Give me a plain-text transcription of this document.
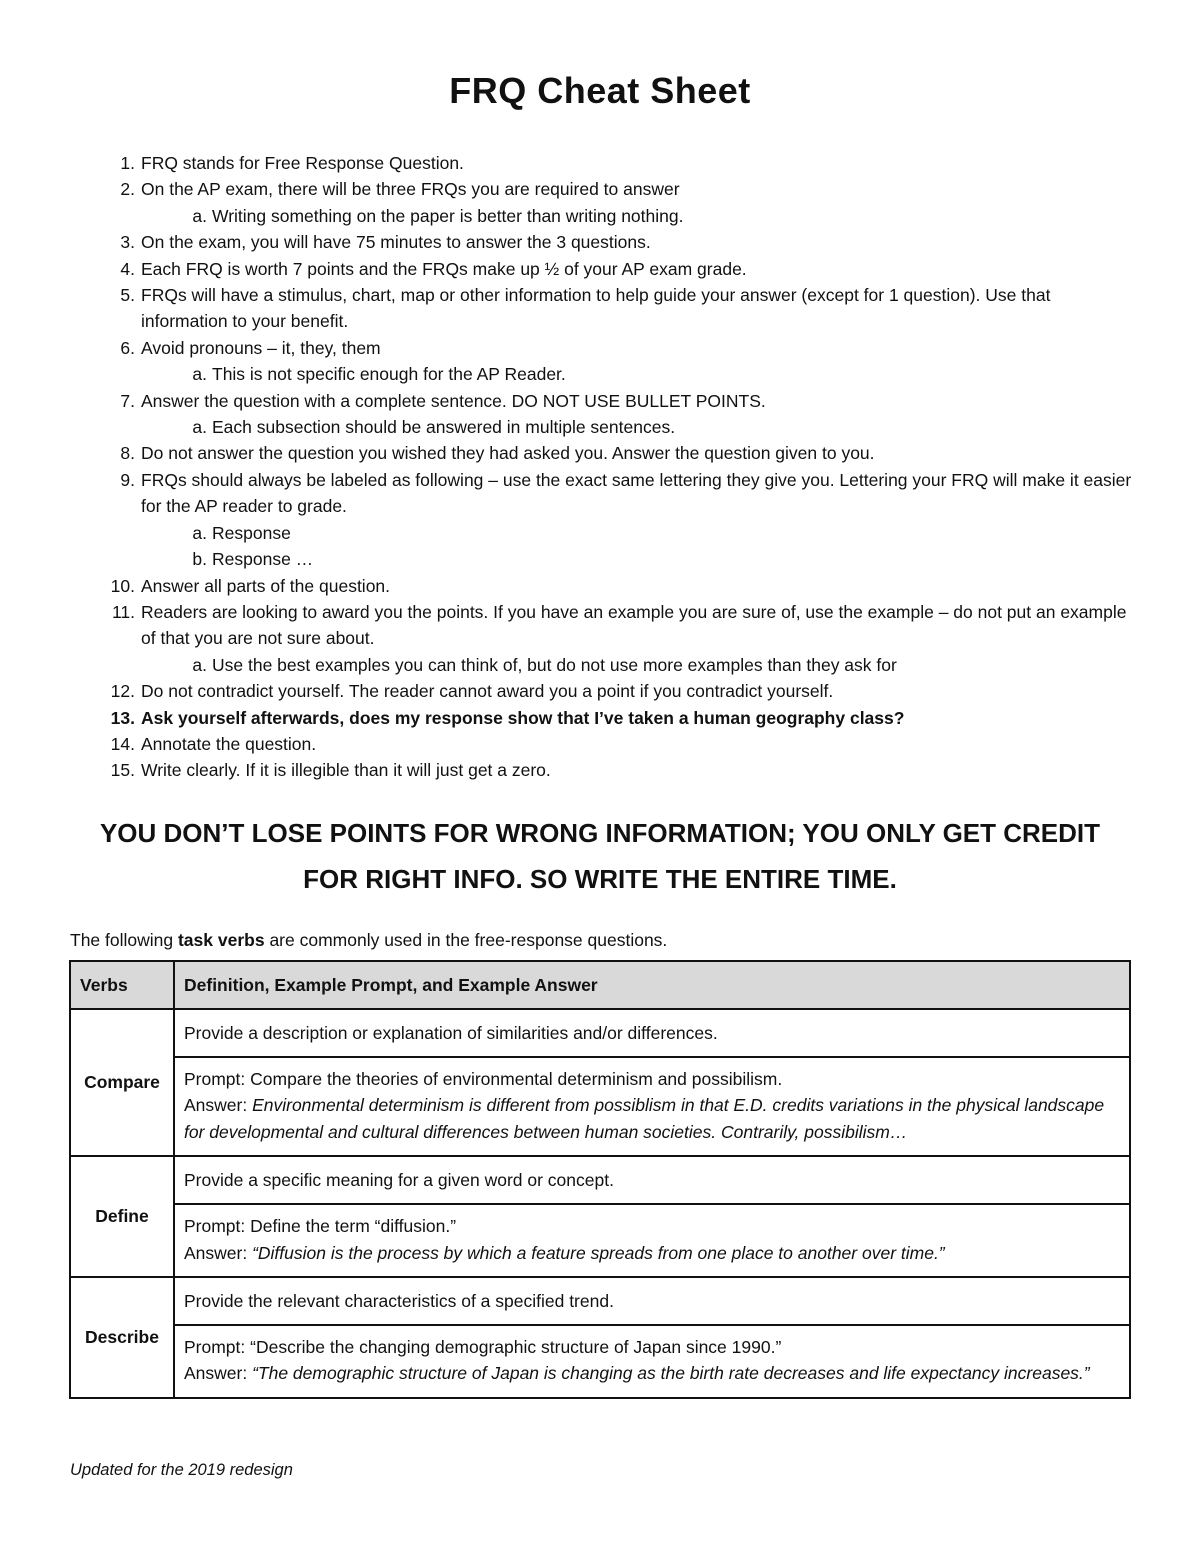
FRQ Cheat Sheet
1. FRQ stands for Free Response Question.
2. On the AP exam, there will be three FRQs you are required to answer
a. Writing something on the paper is better than writing nothing.
3. On the exam, you will have 75 minutes to answer the 3 questions.
4. Each FRQ is worth 7 points and the FRQs make up ½ of your AP exam grade.
5. FRQs will have a stimulus, chart, map or other information to help guide your answer (except for 1 question). Use that information to your benefit.
6. Avoid pronouns – it, they, them
a. This is not specific enough for the AP Reader.
7. Answer the question with a complete sentence. DO NOT USE BULLET POINTS.
a. Each subsection should be answered in multiple sentences.
8. Do not answer the question you wished they had asked you. Answer the question given to you.
9. FRQs should always be labeled as following – use the exact same lettering they give you. Lettering your FRQ will make it easier for the AP reader to grade.
a. Response
b. Response …
10. Answer all parts of the question.
11. Readers are looking to award you the points. If you have an example you are sure of, use the example – do not put an example of that you are not sure about.
a. Use the best examples you can think of, but do not use more examples than they ask for
12. Do not contradict yourself. The reader cannot award you a point if you contradict yourself.
13. Ask yourself afterwards, does my response show that I’ve taken a human geography class?
14. Annotate the question.
15. Write clearly. If it is illegible than it will just get a zero.
YOU DON’T LOSE POINTS FOR WRONG INFORMATION; YOU ONLY GET CREDIT
FOR RIGHT INFO. SO WRITE THE ENTIRE TIME.
The following task verbs are commonly used in the free-response questions.
Verbs	Definition, Example Prompt, and Example Answer
Compare	Provide a description or explanation of similarities and/or differences.

	Prompt: Compare the theories of environmental determinism and possibilism.
Answer: Environmental determinism is different from possiblism in that E.D. credits variations in the physical landscape for developmental and cultural differences between human societies. Contrarily, possibilism…

Define	Provide a specific meaning for a given word or concept.

	Prompt: Define the term “diffusion.”
Answer: “Diffusion is the process by which a feature spreads from one place to another over time.”

Describe	Provide the relevant characteristics of a specified trend.

	Prompt: “Describe the changing demographic structure of Japan since 1990.”
Answer: “The demographic structure of Japan is changing as the birth rate decreases and life expectancy increases.”
Updated for the 2019 redesign
